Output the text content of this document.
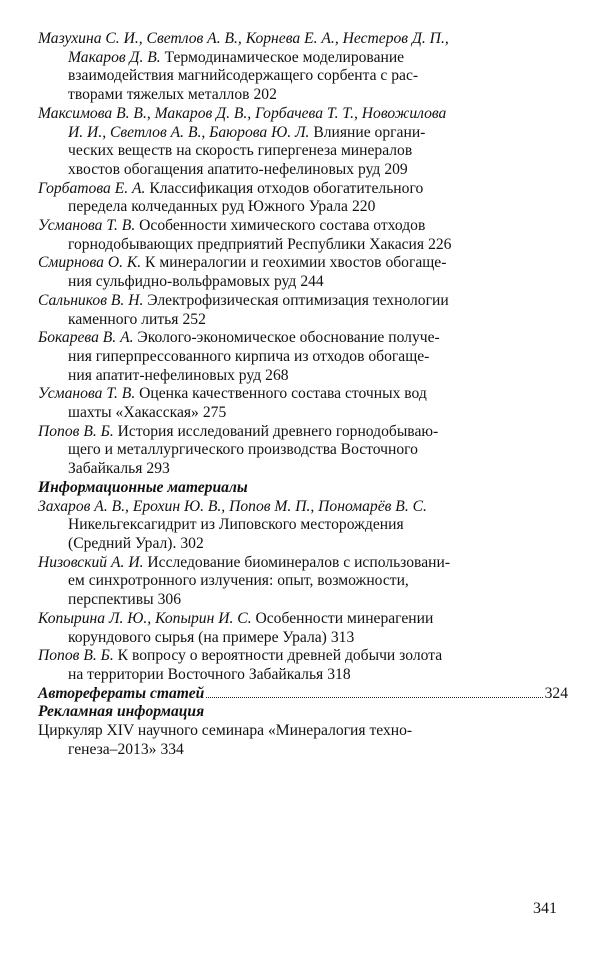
Мазухина С. И., Светлов А. В., Корнева Е. А., Нестеров Д. П.,
Макаров Д. В. Термодинамическое моделирование
взаимодействия магнийсодержащего сорбента с рас-
творами тяжелых металлов 202
Максимова В. В., Макаров Д. В., Горбачева Т. Т., Новожилова
И. И., Светлов А. В., Баюрова Ю. Л. Влияние органи-
ческих веществ на скорость гипергенеза минералов
хвостов обогащения апатито-нефелиновых руд 209
Горбатова Е. А. Классификация отходов обогатительного
передела колчеданных руд Южного Урала 220
Усманова Т. В. Особенности химического состава отходов
горнодобывающих предприятий Республики Хакасия 226
Смирнова О. К. К минералогии и геохимии хвостов обогаще-
ния сульфидно-вольфрамовых руд 244
Сальников В. Н. Электрофизическая оптимизация технологии
каменного литья 252
Бокарева В. А. Эколого-экономическое обоснование получе-
ния гиперпрессованного кирпича из отходов обогаще-
ния апатит-нефелиновых руд 268
Усманова Т. В. Оценка качественного состава сточных вод
шахты «Хакасская» 275
Попов В. Б. История исследований древнего горнодобываю-
щего и металлургического производства Восточного
Забайкалья 293
Информационные материалы
Захаров А. В., Ерохин Ю. В., Попов М. П., Пономарёв В. С.
Никельгексагидрит из Липовского месторождения
(Средний Урал). 302
Низовский А. И. Исследование биоминералов с использовани-
ем синхротронного излучения: опыт, возможности,
перспективы 306
Копырина Л. Ю., Копырин И. С. Особенности минерагении
корундового сырья (на примере Урала) 313
Попов В. Б. К вопросу о вероятности древней добычи золота
на территории Восточного Забайкалья 318
Авторефераты статей	324
Рекламная информация
Циркуляр XIV научного семинара «Минералогия техно-
генеза–2013» 334
341
